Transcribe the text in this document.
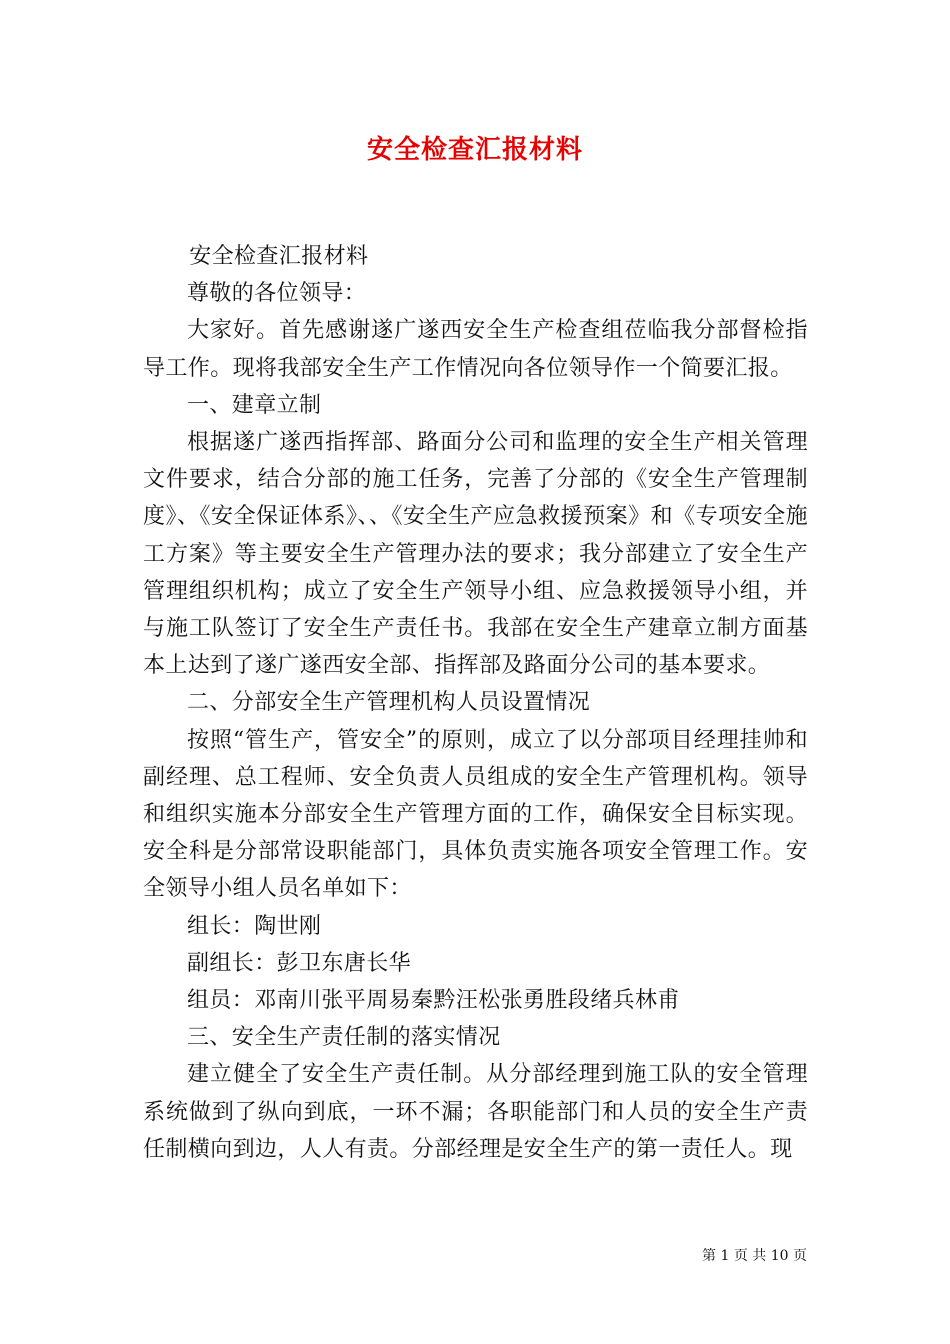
安全检查汇报材料

安全检查汇报材料

尊敬的各位领导：

大家好。首先感谢遂广遂西安全生产检查组莅临我分部督检指导工作。现将我部安全生产工作情况向各位领导作一个简要汇报。

一、建章立制

根据遂广遂西指挥部、路面分公司和监理的安全生产相关管理文件要求，结合分部的施工任务，完善了分部的《安全生产管理制度》、《安全保证体系》、、《安全生产应急救援预案》和《专项安全施工方案》等主要安全生产管理办法的要求；我分部建立了安全生产管理组织机构；成立了安全生产领导小组、应急救援领导小组，并与施工队签订了安全生产责任书。我部在安全生产建章立制方面基本上达到了遂广遂西安全部、指挥部及路面分公司的基本要求。

二、分部安全生产管理机构人员设置情况

按照“管生产，管安全”的原则，成立了以分部项目经理挂帅和副经理、总工程师、安全负责人员组成的安全生产管理机构。领导和组织实施本分部安全生产管理方面的工作，确保安全目标实现。安全科是分部常设职能部门，具体负责实施各项安全管理工作。安全领导小组人员名单如下：

组长：陶世刚

副组长：彭卫东唐长华

组员：邓南川张平周易秦黔汪松张勇胜段绪兵林甫

三、安全生产责任制的落实情况

建立健全了安全生产责任制。从分部经理到施工队的安全管理系统做到了纵向到底，一环不漏；各职能部门和人员的安全生产责任制横向到边，人人有责。分部经理是安全生产的第一责任人。现

第 1 页 共 10 页
